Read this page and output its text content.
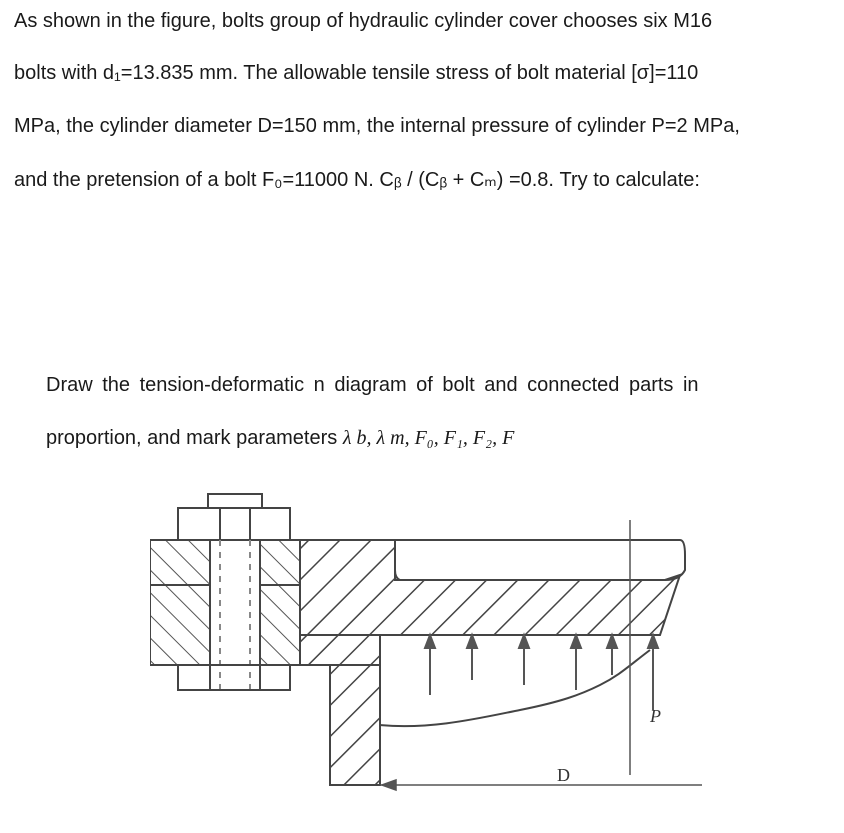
As shown in the figure, bolts group of hydraulic cylinder cover chooses six M16
bolts with d₁=13.835 mm. The allowable tensile stress of bolt material [σ]=110
MPa, the cylinder diameter D=150 mm, the internal pressure of cylinder P=2 MPa,
and the pretension of a bolt F₀=11000 N. Cᵦ / (Cᵦ + Cₘ) =0.8. Try to calculate:
Draw the tension-deformatic n diagram of bolt and connected parts in
proportion, and mark parameters λ b, λ m, F₀, F₁, F₂, F
P
D
